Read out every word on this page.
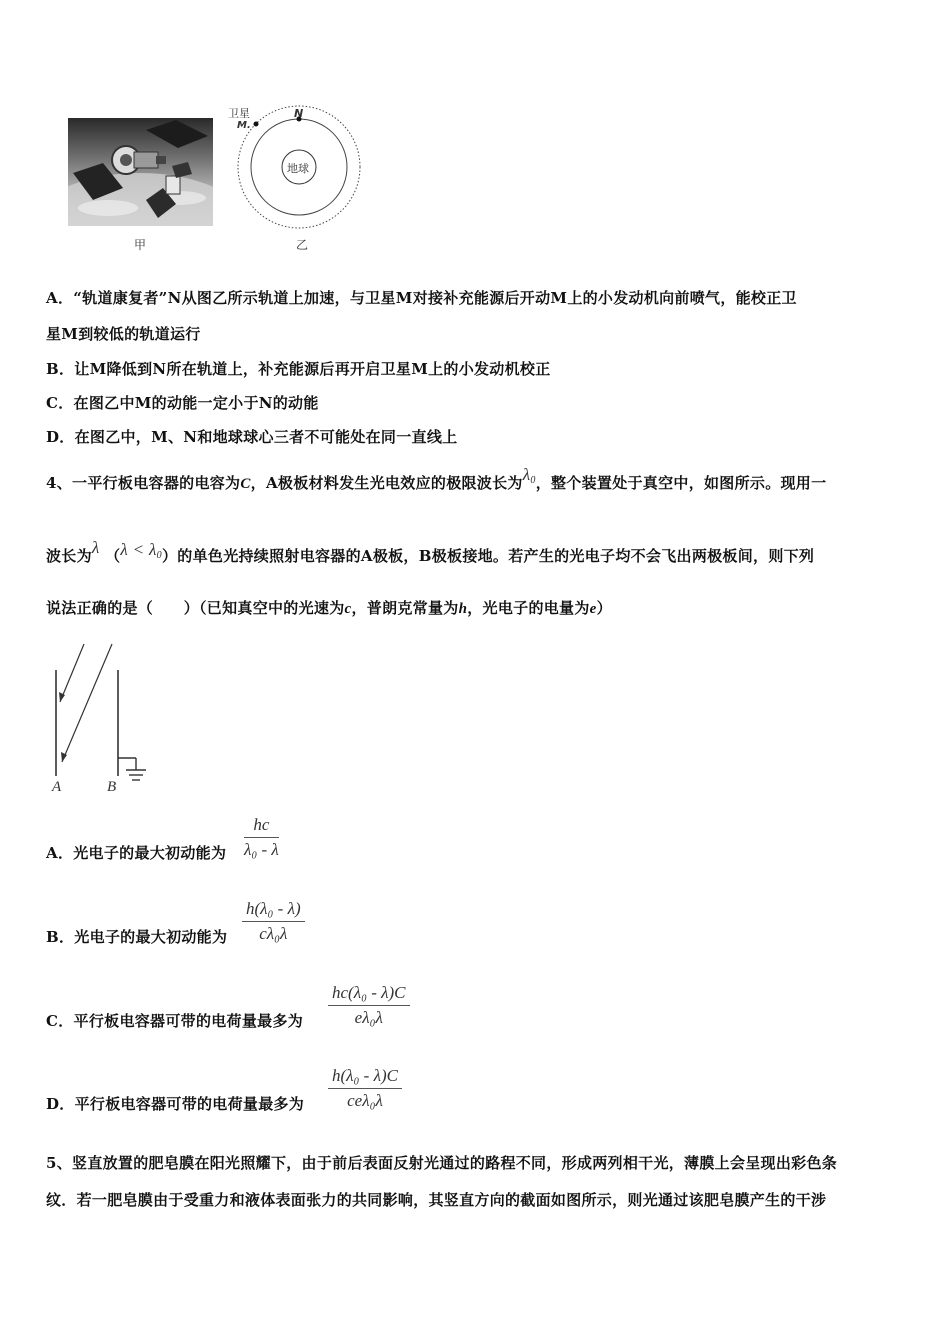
甲
卫星
M.
N
地球
乙
A．“轨道康复者”N从图乙所示轨道上加速，与卫星M对接补充能源后开动M上的小发动机向前喷气，能校正卫
星M到较低的轨道运行
B．让M降低到N所在轨道上，补充能源后再开启卫星M上的小发动机校正
C．在图乙中M的动能一定小于N的动能
D．在图乙中，M、N和地球球心三者不可能处在同一直线上
4、一平行板电容器的电容为C，A极板材料发生光电效应的极限波长为$\lambda_0$，整个装置处于真空中，如图所示。现用一
波长为λ $(\lambda < \lambda_0)$的单色光持续照射电容器的A极板，B极板接地。若产生的光电子均不会飞出两极板间，则下列
说法正确的是（　　）（已知真空中的光速为c，普朗克常量为h，光电子的电量为e）
A	B
A．光电子的最大初动能为 $\frac{hc}{\text{λ₀ - λ}}$
B．光电子的最大初动能为 $\frac{\text{h(λ₀ - λ)}}{\text{cλ₀λ}}$
C．平行板电容器可带的电荷量最多为 $\frac{\text{hc(λ₀ - λ)C}}{\text{eλ₀λ}}$
D．平行板电容器可带的电荷量最多为
h(λ₀ - λ)C
ceλ₀λ
5、竖直放置的肥皂膜在阳光照耀下，由于前后表面反射光通过的路程不同，形成两列相干光，薄膜上会呈现出彩色条
纹．若一肥皂膜由于受重力和液体表面张力的共同影响，其竖直方向的截面如图所示，则光通过该肥皂膜产生的干涉
